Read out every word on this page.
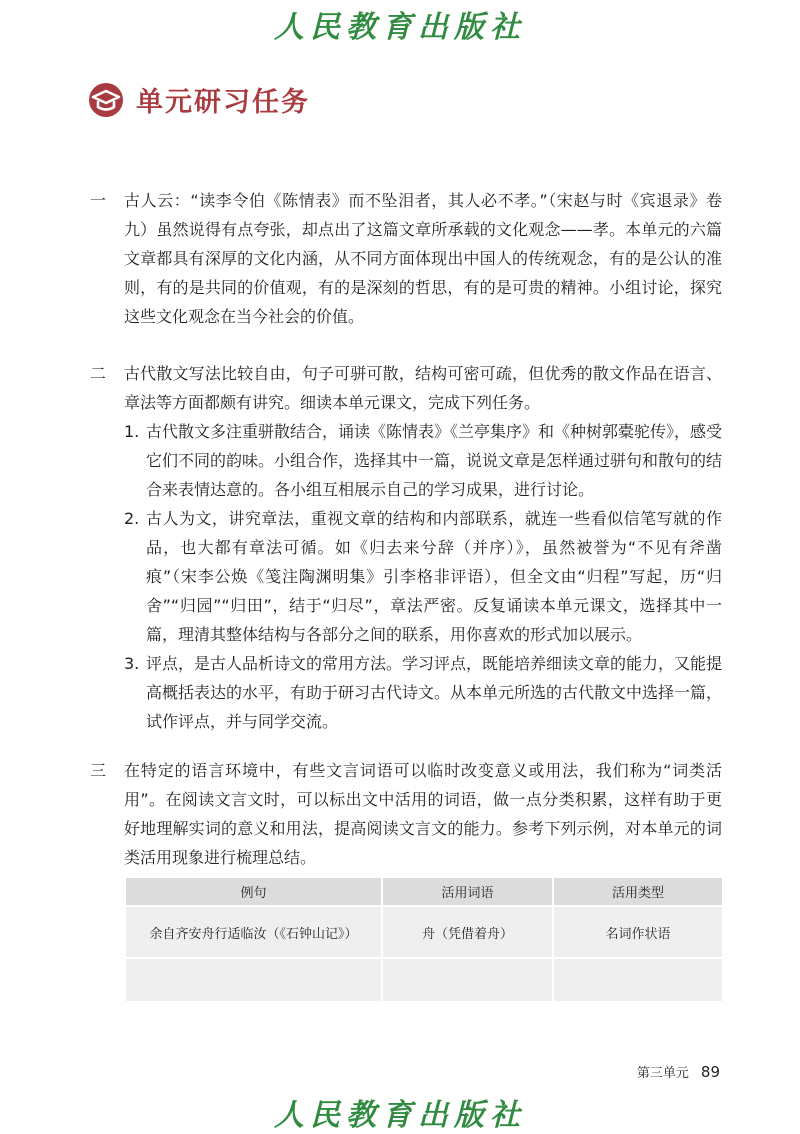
人民教育出版社
单元研习任务
一	古人云：“读李令伯《陈情表》而不坠泪者，其人必不孝。”（宋赵与时《宾退录》卷九）虽然说得有点夸张，却点出了这篇文章所承载的文化观念——孝。本单元的六篇文章都具有深厚的文化内涵，从不同方面体现出中国人的传统观念，有的是公认的准则，有的是共同的价值观，有的是深刻的哲思，有的是可贵的精神。小组讨论，探究这些文化观念在当今社会的价值。
二	古代散文写法比较自由，句子可骈可散，结构可密可疏，但优秀的散文作品在语言、章法等方面都颇有讲究。细读本单元课文，完成下列任务。
1. 古代散文多注重骈散结合，诵读《陈情表》《兰亭集序》和《种树郭橐驼传》，感受它们不同的韵味。小组合作，选择其中一篇，说说文章是怎样通过骈句和散句的结合来表情达意的。各小组互相展示自己的学习成果，进行讨论。
2. 古人为文，讲究章法，重视文章的结构和内部联系，就连一些看似信笔写就的作品，也大都有章法可循。如《归去来兮辞（并序）》，虽然被誉为“不见有斧凿痕”（宋李公焕《笺注陶渊明集》引李格非评语），但全文由“归程”写起，历“归舍”“归园”“归田”，结于“归尽”，章法严密。反复诵读本单元课文，选择其中一篇，理清其整体结构与各部分之间的联系，用你喜欢的形式加以展示。
3. 评点，是古人品析诗文的常用方法。学习评点，既能培养细读文章的能力，又能提高概括表达的水平，有助于研习古代诗文。从本单元所选的古代散文中选择一篇，试作评点，并与同学交流。
三	在特定的语言环境中，有些文言词语可以临时改变意义或用法，我们称为“词类活用”。在阅读文言文时，可以标出文中活用的词语，做一点分类积累，这样有助于更好地理解实词的意义和用法，提高阅读文言文的能力。参考下列示例，对本单元的词类活用现象进行梳理总结。
例句	活用词语	活用类型
余自齐安舟行适临汝（《石钟山记》）	舟（凭借着舟）	名词作状语

第三单元 89
人民教育出版社
